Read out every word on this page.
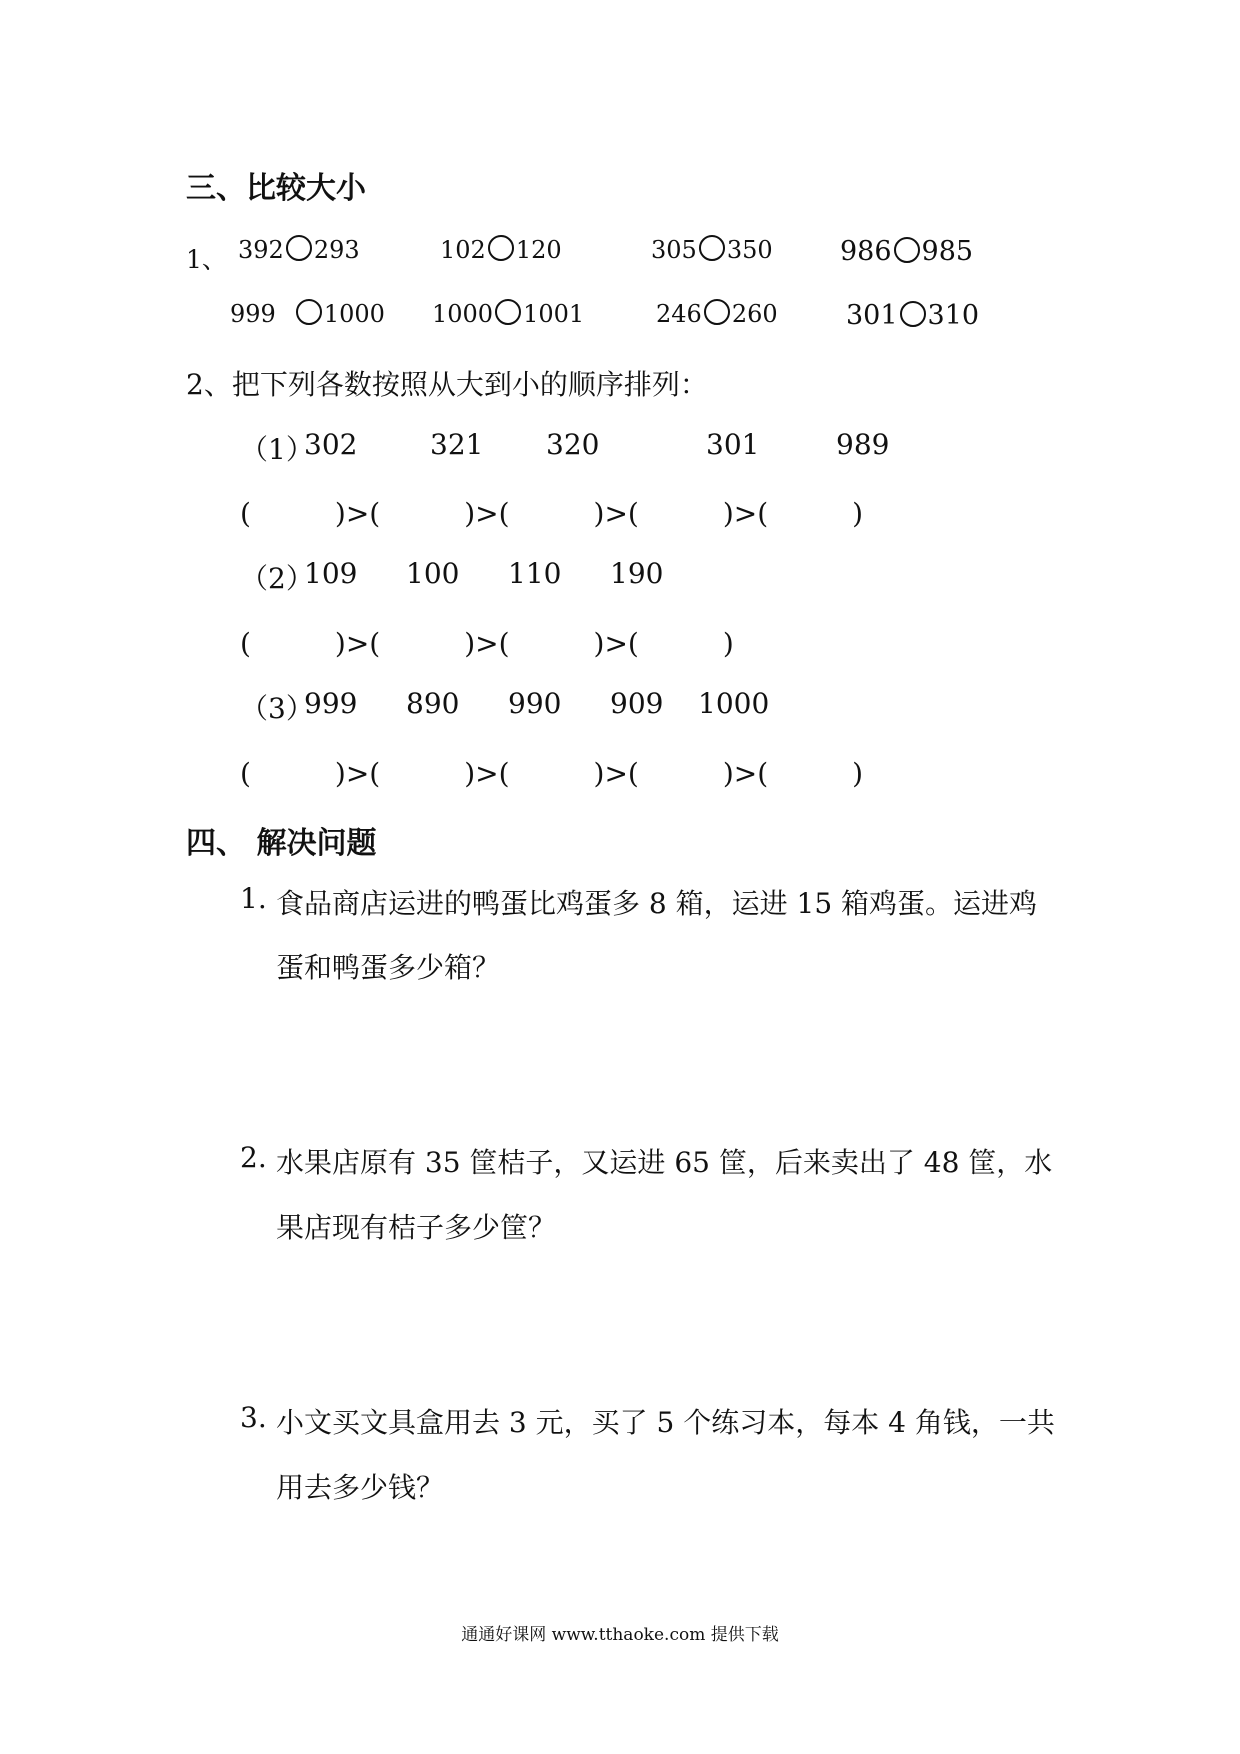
三、比较大小
1、 392 293	102 120	305 350 986 985
999 1000 1000 1001	246 260	301 310
2、把下列各数按照从大到小的顺序排列：
（1）
302	321	320	301	989
(　　　)>(　　　)>(　　　)>(　　　)>(　　　)
（2）
109	100	110	190
(　　　)>(　　　)>(　　　)>(　　　)
（3）
999	890	990	909	1000
(　　　)>(　　　)>(　　　)>(　　　)>(　　　)
四、 解决问题
1. 食品商店运进的鸭蛋比鸡蛋多 8 箱，运进 15 箱鸡蛋。运进鸡
蛋和鸭蛋多少箱？
2. 水果店原有 35 筐桔子，又运进 65 筐，后来卖出了 48 筐，水
果店现有桔子多少筐？
3. 小文买文具盒用去 3 元，买了 5 个练习本，每本 4 角钱，一共
用去多少钱？
通通好课网 www.tthaoke.com 提供下载
